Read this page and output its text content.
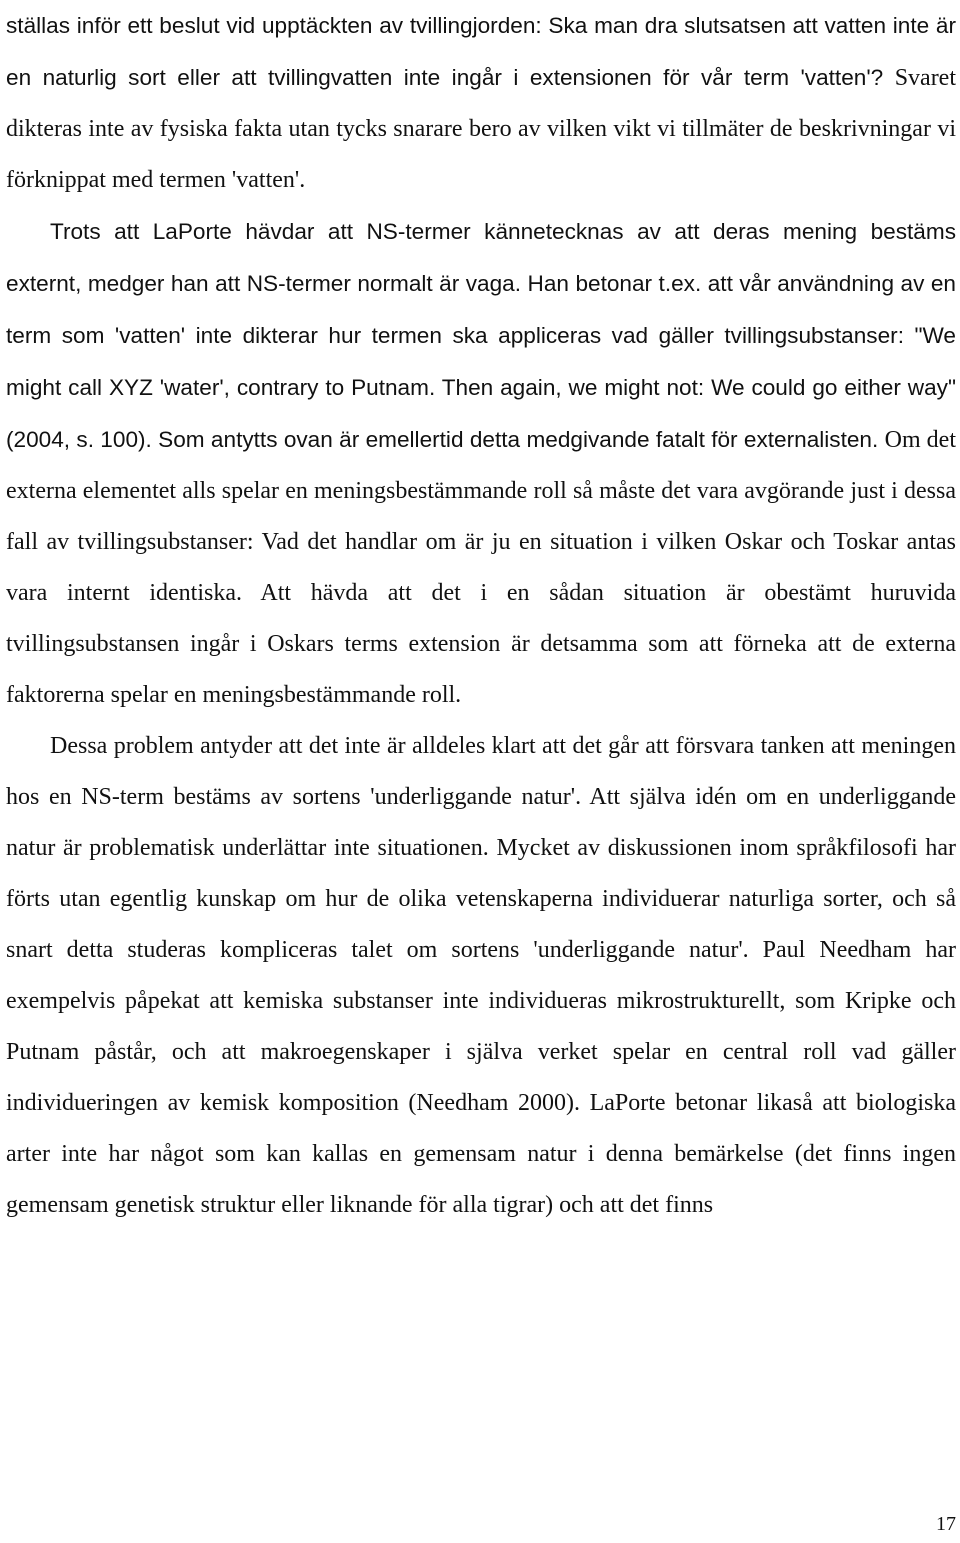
ställas inför ett beslut vid upptäckten av tvillingjorden: Ska man dra slutsatsen att vatten inte är en naturlig sort eller att tvillingvatten inte ingår i extensionen för vår term 'vatten'? Svaret dikteras inte av fysiska fakta utan tycks snarare bero av vilken vikt vi tillmäter de beskrivningar vi förknippat med termen 'vatten'.

Trots att LaPorte hävdar att NS-termer kännetecknas av att deras mening bestäms externt, medger han att NS-termer normalt är vaga. Han betonar t.ex. att vår användning av en term som 'vatten' inte dikterar hur termen ska appliceras vad gäller tvillingsubstanser: "We might call XYZ 'water', contrary to Putnam. Then again, we might not: We could go either way" (2004, s. 100). Som antytts ovan är emellertid detta medgivande fatalt för externalisten. Om det externa elementet alls spelar en meningsbestämmande roll så måste det vara avgörande just i dessa fall av tvillingsubstanser: Vad det handlar om är ju en situation i vilken Oskar och Toskar antas vara internt identiska. Att hävda att det i en sådan situation är obestämt huruvida tvillingsubstansen ingår i Oskars terms extension är detsamma som att förneka att de externa faktorerna spelar en meningsbestämmande roll.

Dessa problem antyder att det inte är alldeles klart att det går att försvara tanken att meningen hos en NS-term bestäms av sortens 'underliggande natur'. Att själva idén om en underliggande natur är problematisk underlättar inte situationen. Mycket av diskussionen inom språkfilosofi har förts utan egentlig kunskap om hur de olika vetenskaperna individuerar naturliga sorter, och så snart detta studeras kompliceras talet om sortens 'underliggande natur'. Paul Needham har exempelvis påpekat att kemiska substanser inte individueras mikrostrukturellt, som Kripke och Putnam påstår, och att makroegenskaper i själva verket spelar en central roll vad gäller individueringen av kemisk komposition (Needham 2000). LaPorte betonar likaså att biologiska arter inte har något som kan kallas en gemensam natur i denna bemärkelse (det finns ingen gemensam genetisk struktur eller liknande för alla tigrar) och att det finns

17
